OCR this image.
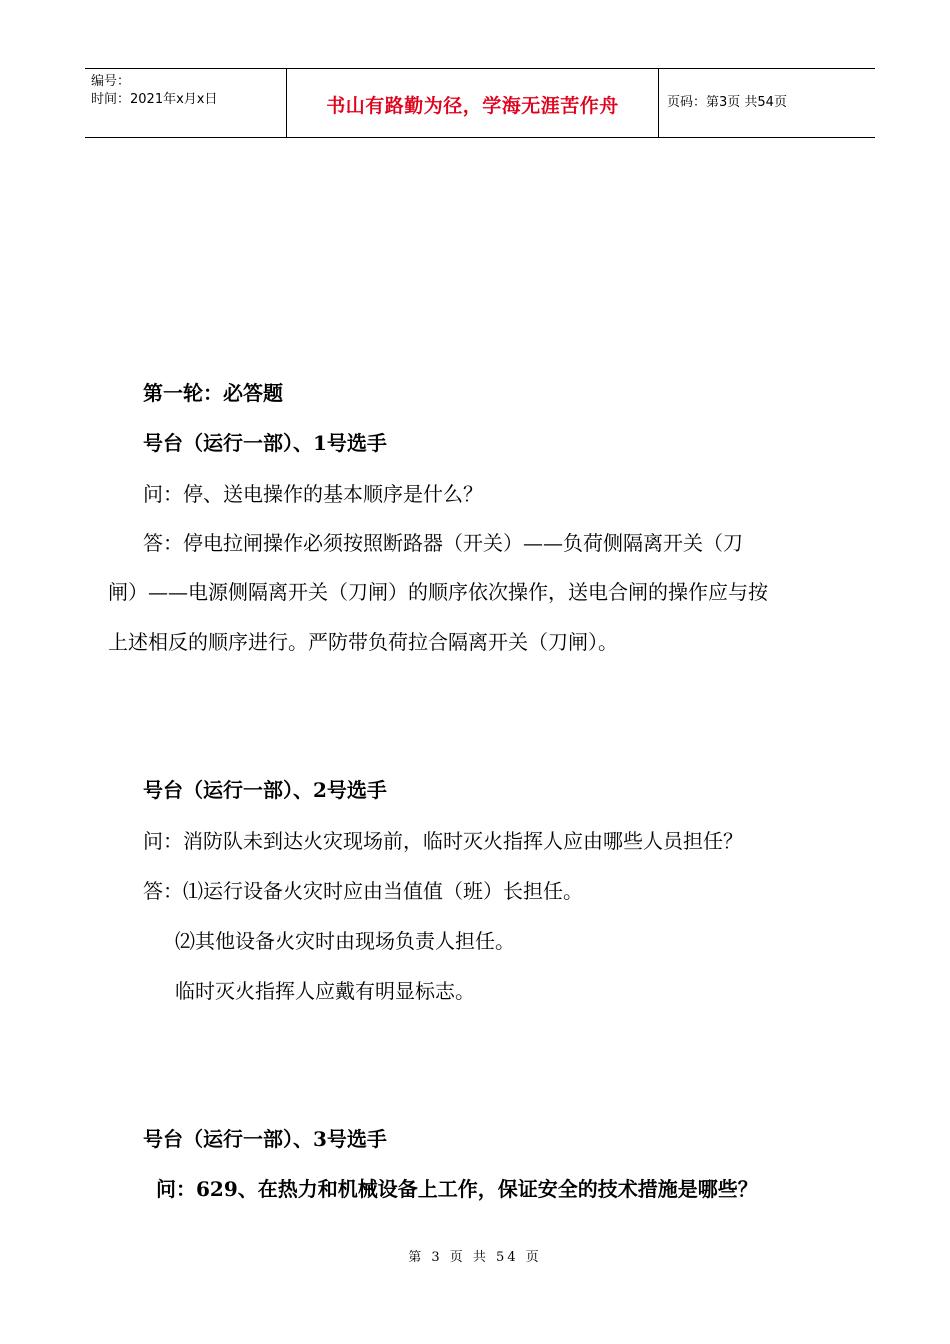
编号：
时间：2021年x月x日	书山有路勤为径，学海无涯苦作舟	页码：第3页 共54页
第一轮：必答题
号台（运行一部）、1号选手
问：停、送电操作的基本顺序是什么？
答：停电拉闸操作必须按照断路器（开关）——负荷侧隔离开关（刀
闸）——电源侧隔离开关（刀闸）的顺序依次操作，送电合闸的操作应与按
上述相反的顺序进行。严防带负荷拉合隔离开关（刀闸）。
号台（运行一部）、2号选手
问：消防队未到达火灾现场前，临时灭火指挥人应由哪些人员担任？
答：⑴运行设备火灾时应由当值值（班）长担任。
⑵其他设备火灾时由现场负责人担任。
临时灭火指挥人应戴有明显标志。
号台（运行一部）、3号选手
问：629、在热力和机械设备上工作，保证安全的技术措施是哪些？
第 3 页 共 54 页
